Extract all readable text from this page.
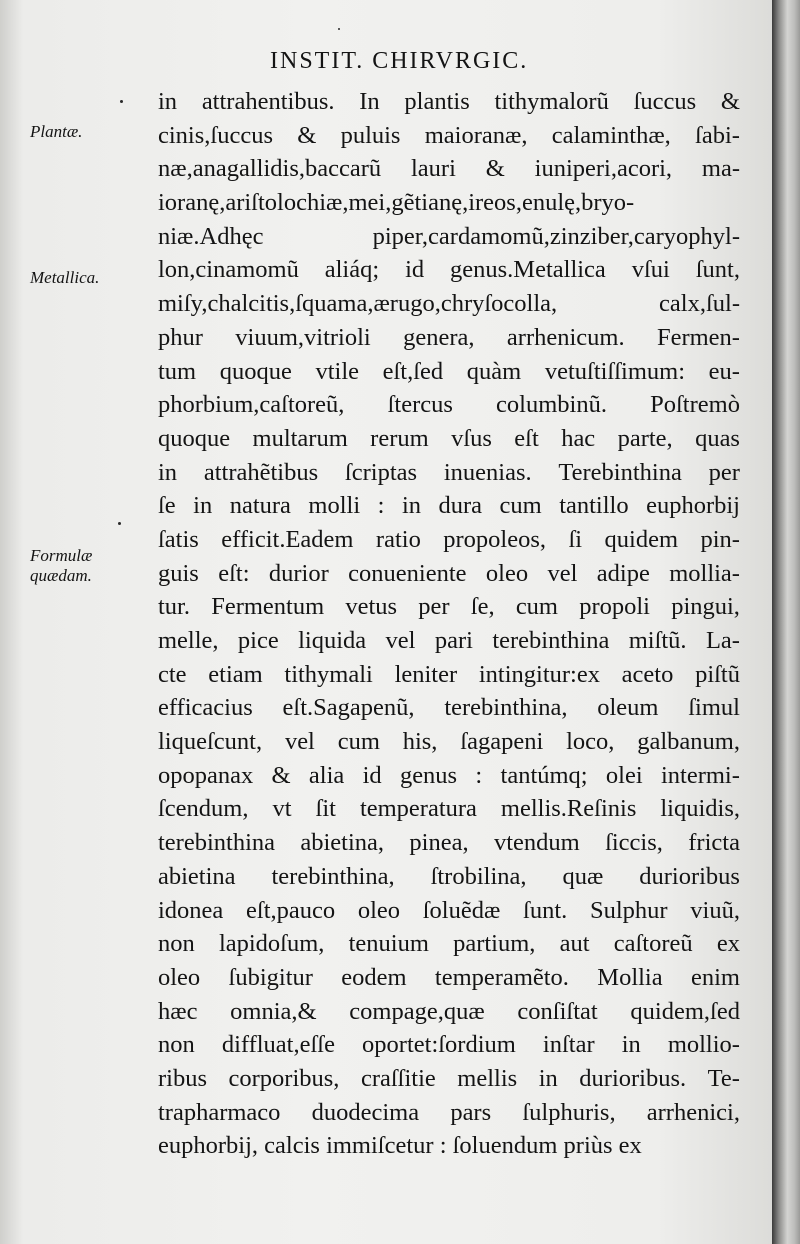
INSTIT. CHIRVRGIC.
Plantæ.
Metallica.
Formulæ
quædam.
in attrahentibus. In plantis tithymalorũ ſuccus &
cinis,ſuccus & puluis maioranæ, calaminthæ, ſabi-
næ,anagallidis,baccarũ lauri & iuniperi,acori, ma-
ioranę,ariſtolochiæ,mei,gẽtianę,ireos,enulę,bryo-
niæ.Adhęc	piper,cardamomũ,zinziber,caryophyl-
lon,cinamomũ aliáq; id genus.Metallica vſui ſunt,
miſy,chalcitis,ſquama,ærugo,chryſocolla,	calx,ſul-
phur viuum,vitrioli genera, arrhenicum. Fermen-
tum quoque vtile eſt,ſed quàm vetuſtiſſimum: eu-
phorbium,caſtoreũ, ſtercus columbinũ. Poſtremò
quoque multarum rerum vſus eſt hac parte, quas
in attrahẽtibus ſcriptas inuenias. Terebinthina per
ſe in natura molli : in dura cum tantillo euphorbij
ſatis efficit.Eadem ratio propoleos, ſi quidem pin-
guis eſt: durior conueniente oleo vel adipe mollia-
tur. Fermentum vetus per ſe, cum propoli pingui,
melle, pice liquida vel pari terebinthina miſtũ. La-
cte etiam tithymali leniter intingitur:ex aceto piſtũ
efficacius eſt.Sagapenũ, terebinthina, oleum ſimul
liqueſcunt, vel cum his, ſagapeni loco, galbanum,
opopanax & alia id genus : tantúmq; olei intermi-
ſcendum, vt ſit temperatura mellis.Reſinis liquidis,
terebinthina abietina, pinea, vtendum ſiccis, fricta
abietina terebinthina, ſtrobilina, quæ durioribus
idonea eſt,pauco oleo ſoluẽdæ ſunt. Sulphur viuũ,
non lapidoſum, tenuium partium, aut caſtoreũ ex
oleo ſubigitur eodem temperamẽto. Mollia enim
hæc omnia,& compage,quæ conſiſtat quidem,ſed
non diffluat,eſſe oportet:ſordium inſtar in mollio-
ribus corporibus, craſſitie mellis in durioribus. Te-
trapharmaco duodecima pars ſulphuris, arrhenici,
euphorbij, calcis immiſcetur : ſoluendum priùs ex
